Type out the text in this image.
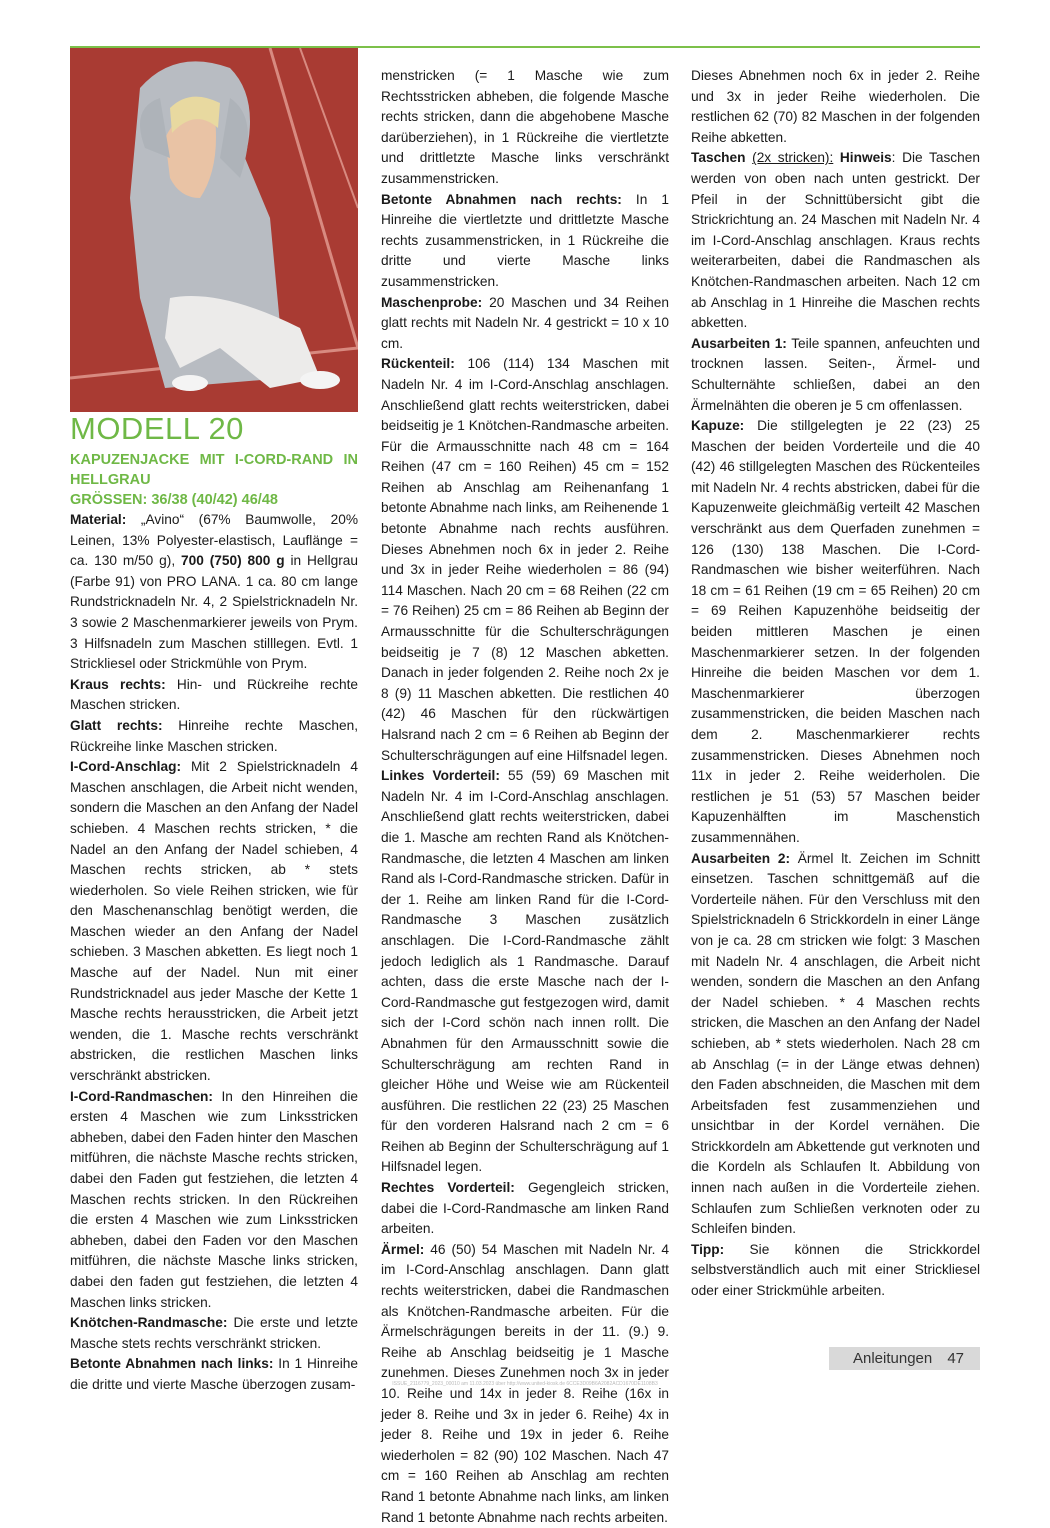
MODELL 20
KAPUZENJACKE MIT I-CORD-RAND IN HELLGRAU
GRÖSSEN: 36/38 (40/42) 46/48

Material: „Avino“ (67% Baumwolle, 20% Leinen, 13% Polyester-elastisch, Lauflänge = ca. 130 m/50 g), 700 (750) 800 g in Hellgrau (Farbe 91) von PRO LANA. 1 ca. 80 cm lange Rundstricknadeln Nr. 4, 2 Spielstricknadeln Nr. 3 sowie 2 Maschenmarkierer jeweils von Prym. 3 Hilfsnadeln zum Maschen stilllegen. Evtl. 1 Strickliesel oder Strickmühle von Prym.

Kraus rechts: Hin- und Rückreihe rechte Maschen stricken.

Glatt rechts: Hinreihe rechte Maschen, Rückreihe linke Maschen stricken.

I-Cord-Anschlag: Mit 2 Spielstricknadeln 4 Maschen anschlagen, die Arbeit nicht wenden, sondern die Maschen an den Anfang der Nadel schieben. 4 Maschen rechts stricken, * die Nadel an den Anfang der Nadel schieben, 4 Maschen rechts stricken, ab * stets wiederholen. So viele Reihen stricken, wie für den Maschenanschlag benötigt werden, die Maschen wieder an den Anfang der Nadel schieben. 3 Maschen abketten. Es liegt noch 1 Masche auf der Nadel. Nun mit einer Rundstricknadel aus jeder Masche der Kette 1 Masche rechts herausstricken, die Arbeit jetzt wenden, die 1. Masche rechts verschränkt abstricken, die restlichen Maschen links verschränkt abstricken.

I-Cord-Randmaschen: In den Hinreihen die ersten 4 Maschen wie zum Linksstricken abheben, dabei den Faden hinter den Maschen mitführen, die nächste Masche rechts stricken, dabei den Faden gut festziehen, die letzten 4 Maschen rechts stricken. In den Rückreihen die ersten 4 Maschen wie zum Linksstricken abheben, dabei den Faden vor den Maschen mitführen, die nächste Masche links stricken, dabei den faden gut festziehen, die letzten 4 Maschen links stricken.

Knötchen-Randmasche: Die erste und letzte Masche stets rechts verschränkt stricken.

Betonte Abnahmen nach links: In 1 Hinreihe die dritte und vierte Masche überzogen zusam-

menstricken (= 1 Masche wie zum Rechtsstricken abheben, die folgende Masche rechts stricken, dann die abgehobene Masche darüberziehen), in 1 Rückreihe die viertletzte und drittletzte Masche links verschränkt zusammenstricken.

Betonte Abnahmen nach rechts: In 1 Hinreihe die viertletzte und drittletzte Masche rechts zusammenstricken, in 1 Rückreihe die dritte und vierte Masche links zusammenstricken.

Maschenprobe: 20 Maschen und 34 Reihen glatt rechts mit Nadeln Nr. 4 gestrickt = 10 x 10 cm.

Rückenteil: 106 (114) 134 Maschen mit Nadeln Nr. 4 im I-Cord-Anschlag anschlagen. Anschließend glatt rechts weiterstricken, dabei beidseitig je 1 Knötchen-Randmasche arbeiten. Für die Armausschnitte nach 48 cm = 164 Reihen (47 cm = 160 Reihen) 45 cm = 152 Reihen ab Anschlag am Reihenanfang 1 betonte Abnahme nach links, am Reihenende 1 betonte Abnahme nach rechts ausführen. Dieses Abnehmen noch 6x in jeder 2. Reihe und 3x in jeder Reihe wiederholen = 86 (94) 114 Maschen. Nach 20 cm = 68 Reihen (22 cm = 76 Reihen) 25 cm = 86 Reihen ab Beginn der Armausschnitte für die Schulterschrägungen beidseitig je 7 (8) 12 Maschen abketten. Danach in jeder folgenden 2. Reihe noch 2x je 8 (9) 11 Maschen abketten. Die restlichen 40 (42) 46 Maschen für den rückwärtigen Halsrand nach 2 cm = 6 Reihen ab Beginn der Schulterschrägungen auf eine Hilfsnadel legen.

Linkes Vorderteil: 55 (59) 69 Maschen mit Nadeln Nr. 4 im I-Cord-Anschlag anschlagen. Anschließend glatt rechts weiterstricken, dabei die 1. Masche am rechten Rand als Knötchen-Randmasche, die letzten 4 Maschen am linken Rand als I-Cord-Randmasche stricken. Dafür in der 1. Reihe am linken Rand für die I-Cord-Randmasche 3 Maschen zusätzlich anschlagen. Die I-Cord-Randmasche zählt jedoch lediglich als 1 Randmasche. Darauf achten, dass die erste Masche nach der I-Cord-Randmasche gut festgezogen wird, damit sich der I-Cord schön nach innen rollt. Die Abnahmen für den Armausschnitt sowie die Schulterschrägung am rechten Rand in gleicher Höhe und Weise wie am Rückenteil ausführen. Die restlichen 22 (23) 25 Maschen für den vorderen Halsrand nach 2 cm = 6 Reihen ab Beginn der Schulterschrägung auf 1 Hilfsnadel legen.

Rechtes Vorderteil: Gegengleich stricken, dabei die I-Cord-Randmasche am linken Rand arbeiten.

Ärmel: 46 (50) 54 Maschen mit Nadeln Nr. 4 im I-Cord-Anschlag anschlagen. Dann glatt rechts weiterstricken, dabei die Randmaschen als Knötchen-Randmasche arbeiten. Für die Ärmelschrägungen bereits in der 11. (9.) 9. Reihe ab Anschlag beidseitig je 1 Masche zunehmen. Dieses Zunehmen noch 3x in jeder 10. Reihe und 14x in jeder 8. Reihe (16x in jeder 8. Reihe und 3x in jeder 6. Reihe) 4x in jeder 8. Reihe und 19x in jeder 6. Reihe wiederholen = 82 (90) 102 Maschen. Nach 47 cm = 160 Reihen ab Anschlag am rechten Rand 1 betonte Abnahme nach links, am linken Rand 1 betonte Abnahme nach rechts arbeiten.

Dieses Abnehmen noch 6x in jeder 2. Reihe und 3x in jeder Reihe wiederholen. Die restlichen 62 (70) 82 Maschen in der folgenden Reihe abketten.

Taschen (2x stricken): Hinweis: Die Taschen werden von oben nach unten gestrickt. Der Pfeil in der Schnittübersicht gibt die Strickrichtung an. 24 Maschen mit Nadeln Nr. 4 im I-Cord-Anschlag anschlagen. Kraus rechts weiterarbeiten, dabei die Randmaschen als Knötchen-Randmaschen arbeiten. Nach 12 cm ab Anschlag in 1 Hinreihe die Maschen rechts abketten.

Ausarbeiten 1: Teile spannen, anfeuchten und trocknen lassen. Seiten-, Ärmel- und Schulternähte schließen, dabei an den Ärmelnähten die oberen je 5 cm offenlassen.

Kapuze: Die stillgelegten je 22 (23) 25 Maschen der beiden Vorderteile und die 40 (42) 46 stillgelegten Maschen des Rückenteiles mit Nadeln Nr. 4 rechts abstricken, dabei für die Kapuzenweite gleichmäßig verteilt 42 Maschen verschränkt aus dem Querfaden zunehmen = 126 (130) 138 Maschen. Die I-Cord-Randmaschen wie bisher weiterführen. Nach 18 cm = 61 Reihen (19 cm = 65 Reihen) 20 cm = 69 Reihen Kapuzenhöhe beidseitig der beiden mittleren Maschen je einen Maschenmarkierer setzen. In der folgenden Hinreihe die beiden Maschen vor dem 1. Maschenmarkierer überzogen zusammenstricken, die beiden Maschen nach dem 2. Maschenmarkierer rechts zusammenstricken. Dieses Abnehmen noch 11x in jeder 2. Reihe weiderholen. Die restlichen je 51 (53) 57 Maschen beider Kapuzenhälften im Maschenstich zusammennähen.

Ausarbeiten 2: Ärmel lt. Zeichen im Schnitt einsetzen. Taschen schnittgemäß auf die Vorderteile nähen. Für den Verschluss mit den Spielstricknadeln 6 Strickkordeln in einer Länge von je ca. 28 cm stricken wie folgt: 3 Maschen mit Nadeln Nr. 4 anschlagen, die Arbeit nicht wenden, sondern die Maschen an den Anfang der Nadel schieben. * 4 Maschen rechts stricken, die Maschen an den Anfang der Nadel schieben, ab * stets wiederholen. Nach 28 cm ab Anschlag (= in der Länge etwas dehnen) den Faden abschneiden, die Maschen mit dem Arbeitsfaden fest zusammenziehen und unsichtbar in der Kordel vernähen. Die Strickkordeln am Abkettende gut verknoten und die Kordeln als Schlaufen lt. Abbildung von innen nach außen in die Vorderteile ziehen. Schlaufen zum Schließen verknoten oder zu Schleifen binden.

Tipp: Sie können die Strickkordel selbstverständlich auch mit einer Strickliesel oder einer Strickmühle arbeiten.

Anleitungen 47
ISSUE_2116779_2023_00010 am 11.03.2023 über http://www.united-kiosk.de 6CCE3D09B6A2082ACD1670DE1108B3
